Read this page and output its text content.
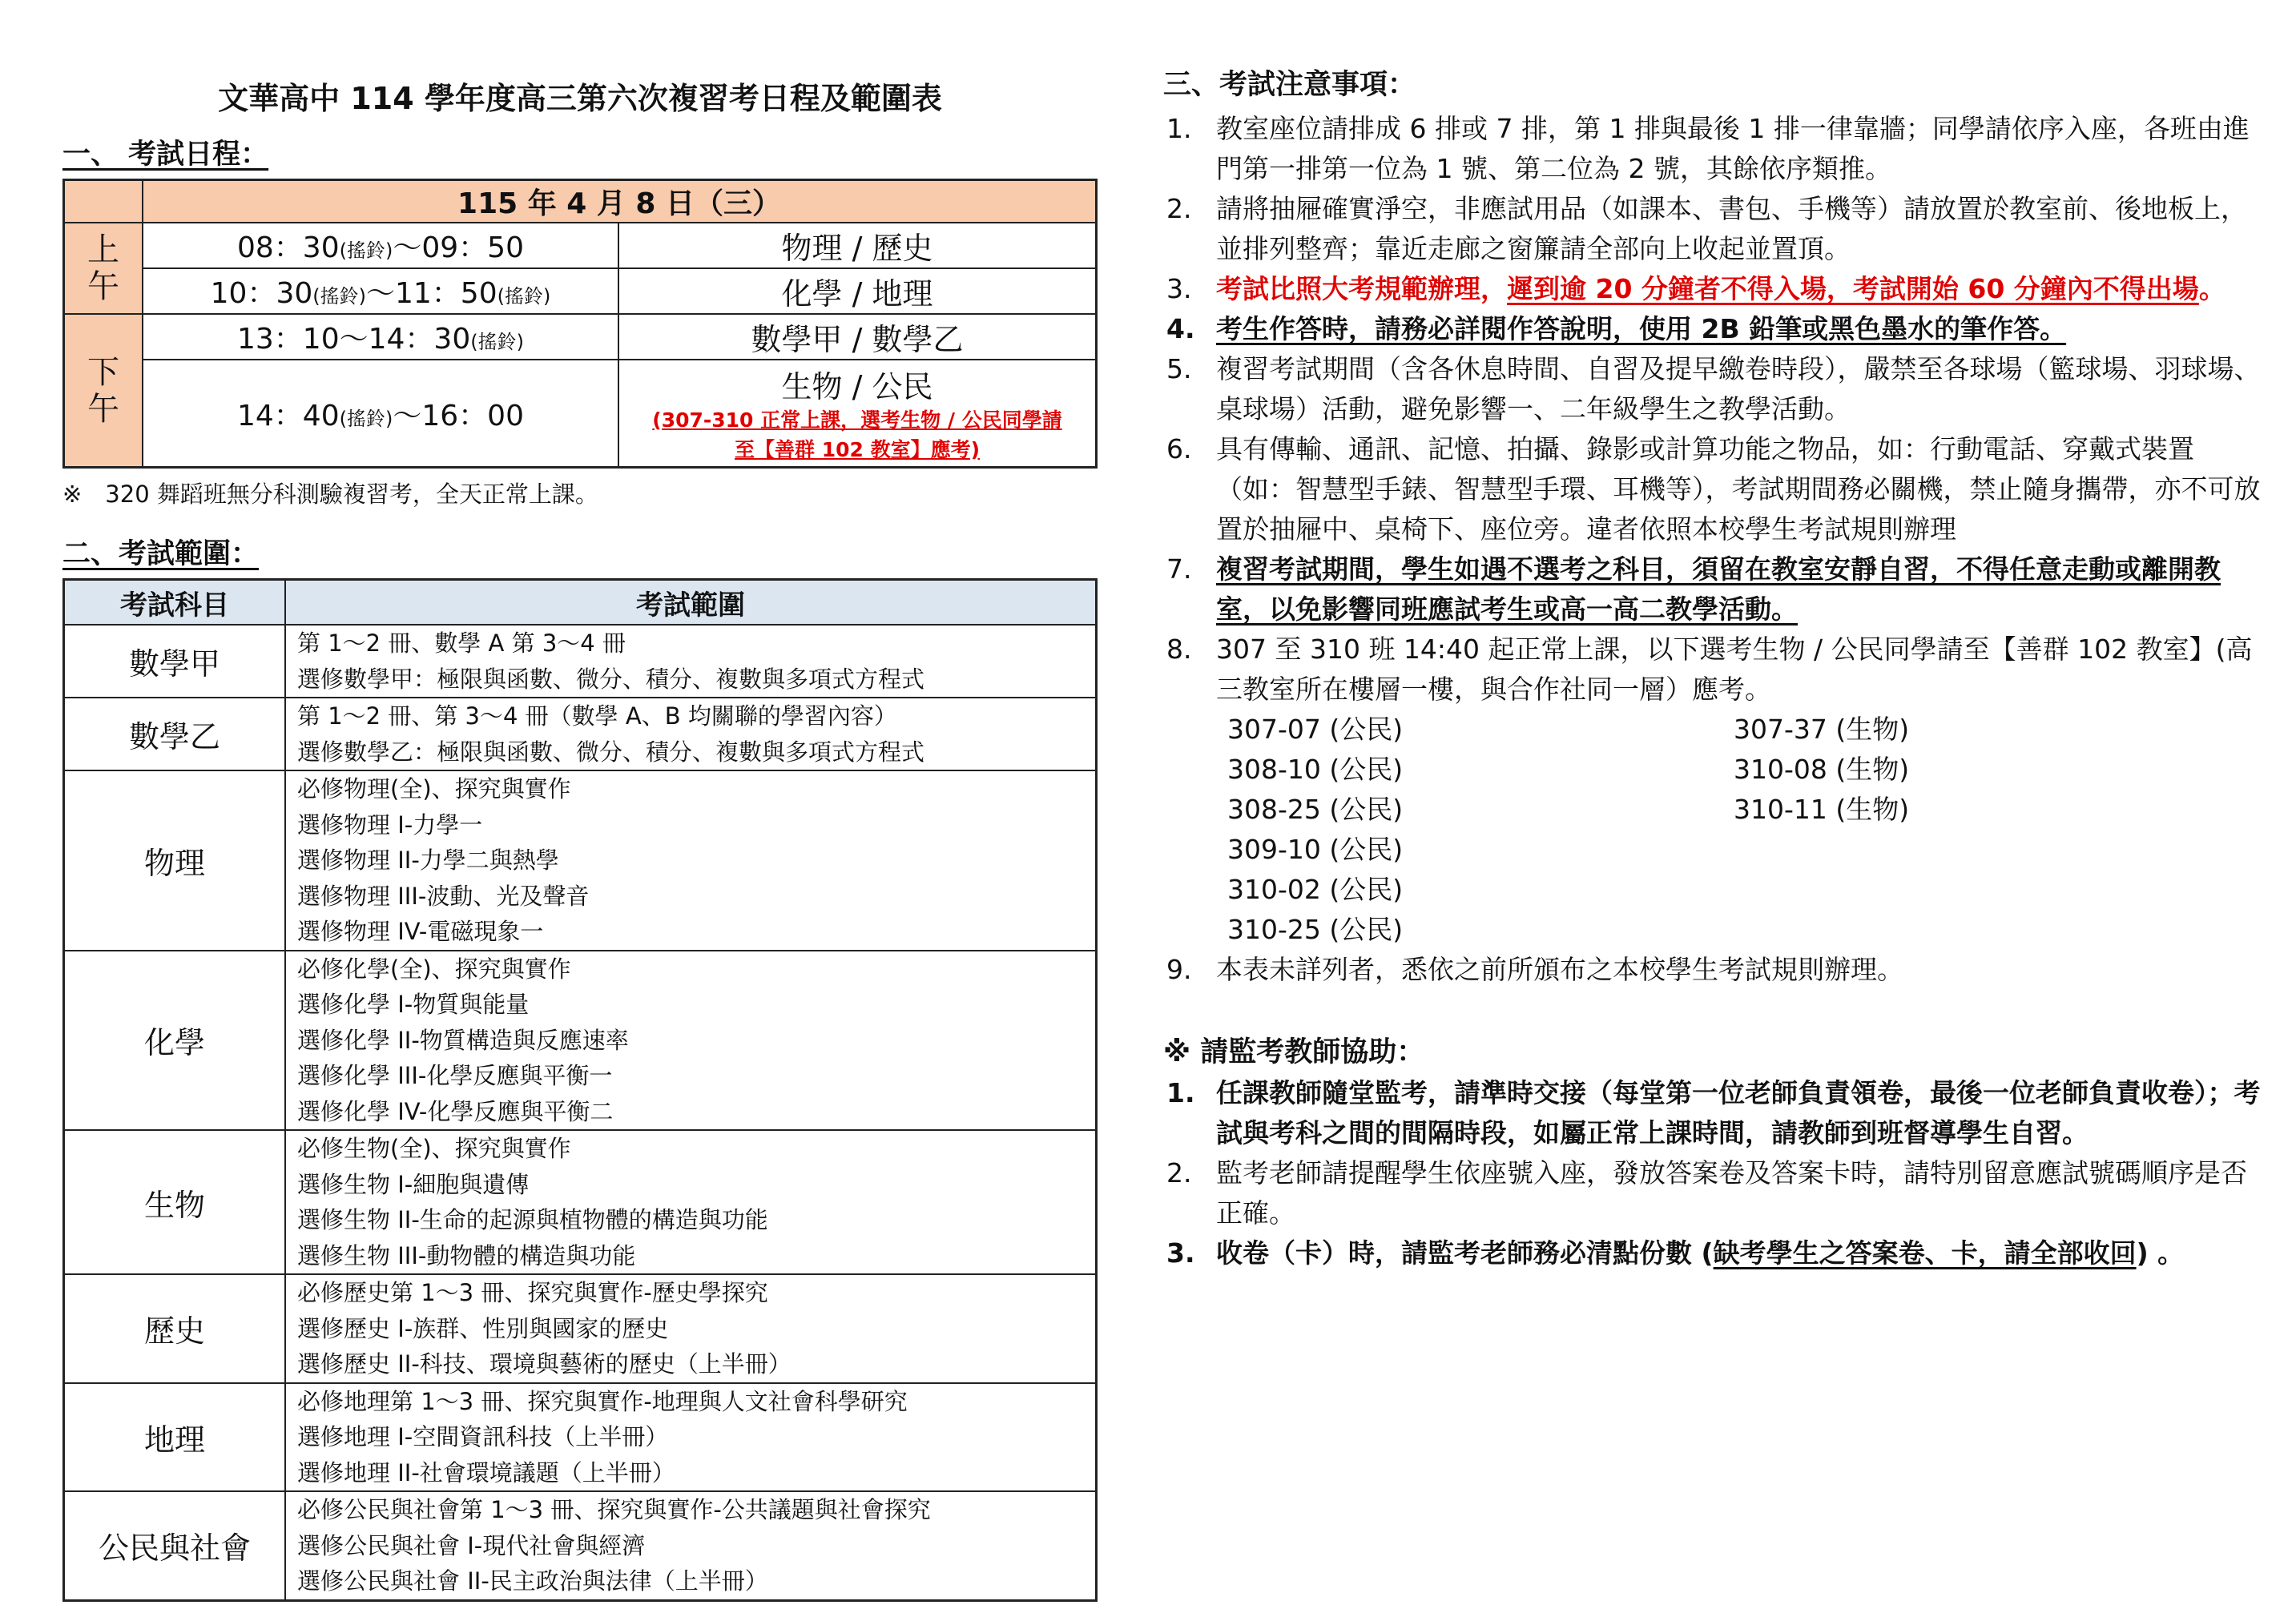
文華高中 114 學年度高三第六次複習考日程及範圍表
一、 考試日程：
	115 年 4 月 8 日（三）	

上
午	08：30(搖鈴)～09：50	物理 / 歷史
	10：30(搖鈴)～11：50(搖鈴)	化學 / 地理

下
午	13：10～14：30(搖鈴)	數學甲 / 數學乙
	14：40(搖鈴)～16：00	生物 / 公民
(307-310 正常上課，選考生物 / 公民同學請
至【善群 102 教室】應考)
※　320 舞蹈班無分科測驗複習考，全天正常上課。
二、考試範圍：
考試科目	考試範圍
數學甲	第 1～2 冊、數學 A 第 3～4 冊
選修數學甲：極限與函數、微分、積分、複數與多項式方程式

數學乙	第 1～2 冊、第 3～4 冊（數學 A、B 均關聯的學習內容）
選修數學乙：極限與函數、微分、積分、複數與多項式方程式

物理	必修物理(全)、探究與實作
選修物理 I-力學一
選修物理 II-力學二與熱學
選修物理 III-波動、光及聲音
選修物理 IV-電磁現象一

化學	必修化學(全)、探究與實作
選修化學 I-物質與能量
選修化學 II-物質構造與反應速率
選修化學 III-化學反應與平衡一
選修化學 IV-化學反應與平衡二

生物	必修生物(全)、探究與實作
選修生物 I-細胞與遺傳
選修生物 II-生命的起源與植物體的構造與功能
選修生物 III-動物體的構造與功能

歷史	必修歷史第 1～3 冊、探究與實作-歷史學探究
選修歷史 I-族群、性別與國家的歷史
選修歷史 II-科技、環境與藝術的歷史（上半冊）

地理	必修地理第 1～3 冊、探究與實作-地理與人文社會科學研究
選修地理 I-空間資訊科技（上半冊）
選修地理 II-社會環境議題（上半冊）

公民與社會	必修公民與社會第 1～3 冊、探究與實作-公共議題與社會探究
選修公民與社會 I-現代社會與經濟
選修公民與社會 II-民主政治與法律（上半冊）
三、考試注意事項：
1. 教室座位請排成 6 排或 7 排，第 1 排與最後 1 排一律靠牆；同學請依序入座，各班由進門第一排第一位為 1 號、第二位為 2 號，其餘依序類推。
2. 請將抽屜確實淨空，非應試用品（如課本、書包、手機等）請放置於教室前、後地板上，並排列整齊；靠近走廊之窗簾請全部向上收起並置頂。
3. 考試比照大考規範辦理，遲到逾 20 分鐘者不得入場，考試開始 60 分鐘內不得出場。
4. 考生作答時，請務必詳閱作答說明，使用 2B 鉛筆或黑色墨水的筆作答。
5. 複習考試期間（含各休息時間、自習及提早繳卷時段），嚴禁至各球場（籃球場、羽球場、桌球場）活動，避免影響一、二年級學生之教學活動。
6. 具有傳輸、通訊、記憶、拍攝、錄影或計算功能之物品，如：行動電話、穿戴式裝置（如：智慧型手錶、智慧型手環、耳機等），考試期間務必關機，禁止隨身攜帶，亦不可放置於抽屜中、桌椅下、座位旁。違者依照本校學生考試規則辦理
7. 複習考試期間，學生如遇不選考之科目，須留在教室安靜自習，不得任意走動或離開教室，以免影響同班應試考生或高一高二教學活動。
8. 307 至 310 班 14:40 起正常上課，以下選考生物 / 公民同學請至【善群 102 教室】(高三教室所在樓層一樓，與合作社同一層）應考。
307-07 (公民)	307-37 (生物)
308-10 (公民)	310-08 (生物)
308-25 (公民)	310-11 (生物)
309-10 (公民)
310-02 (公民)
310-25 (公民)
9. 本表未詳列者，悉依之前所頒布之本校學生考試規則辦理。
※ 請監考教師協助：
1. 任課教師隨堂監考，請準時交接（每堂第一位老師負責領卷，最後一位老師負責收卷）；考試與考科之間的間隔時段，如屬正常上課時間，請教師到班督導學生自習。
2. 監考老師請提醒學生依座號入座，發放答案卷及答案卡時，請特別留意應試號碼順序是否正確。
3. 收卷（卡）時，請監考老師務必清點份數 (缺考學生之答案卷、卡，請全部收回) 。
